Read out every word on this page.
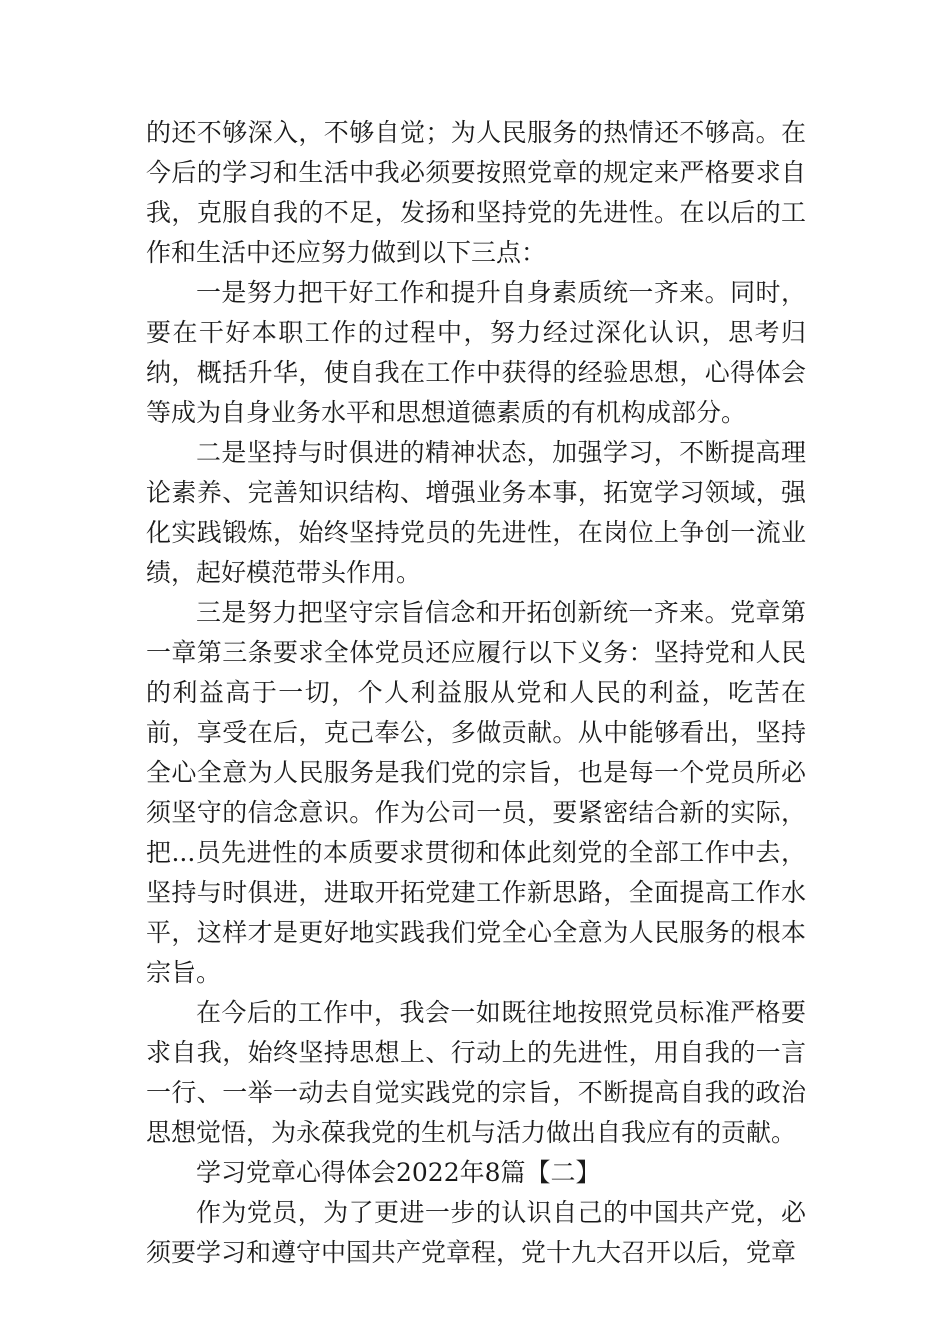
的还不够深入，不够自觉；为人民服务的热情还不够高。在今后的学习和生活中我必须要按照党章的规定来严格要求自我，克服自我的不足，发扬和坚持党的先进性。在以后的工作和生活中还应努力做到以下三点：

一是努力把干好工作和提升自身素质统一齐来。同时，要在干好本职工作的过程中，努力经过深化认识，思考归纳，概括升华，使自我在工作中获得的经验思想，心得体会等成为自身业务水平和思想道德素质的有机构成部分。

二是坚持与时俱进的精神状态，加强学习，不断提高理论素养、完善知识结构、增强业务本事，拓宽学习领域，强化实践锻炼，始终坚持党员的先进性，在岗位上争创一流业绩，起好模范带头作用。

三是努力把坚守宗旨信念和开拓创新统一齐来。党章第一章第三条要求全体党员还应履行以下义务：坚持党和人民的利益高于一切，个人利益服从党和人民的利益，吃苦在前，享受在后，克己奉公，多做贡献。从中能够看出，坚持全心全意为人民服务是我们党的宗旨，也是每一个党员所必须坚守的信念意识。作为公司一员，要紧密结合新的实际，把...员先进性的本质要求贯彻和体此刻党的全部工作中去，坚持与时俱进，进取开拓党建工作新思路，全面提高工作水平，这样才是更好地实践我们党全心全意为人民服务的根本宗旨。

在今后的工作中，我会一如既往地按照党员标准严格要求自我，始终坚持思想上、行动上的先进性，用自我的一言一行、一举一动去自觉实践党的宗旨，不断提高自我的政治思想觉悟，为永葆我党的生机与活力做出自我应有的贡献。

学习党章心得体会2022年8篇【二】

作为党员，为了更进一步的认识自己的中国共产党，必须要学习和遵守中国共产党章程，党十九大召开以后，党章
